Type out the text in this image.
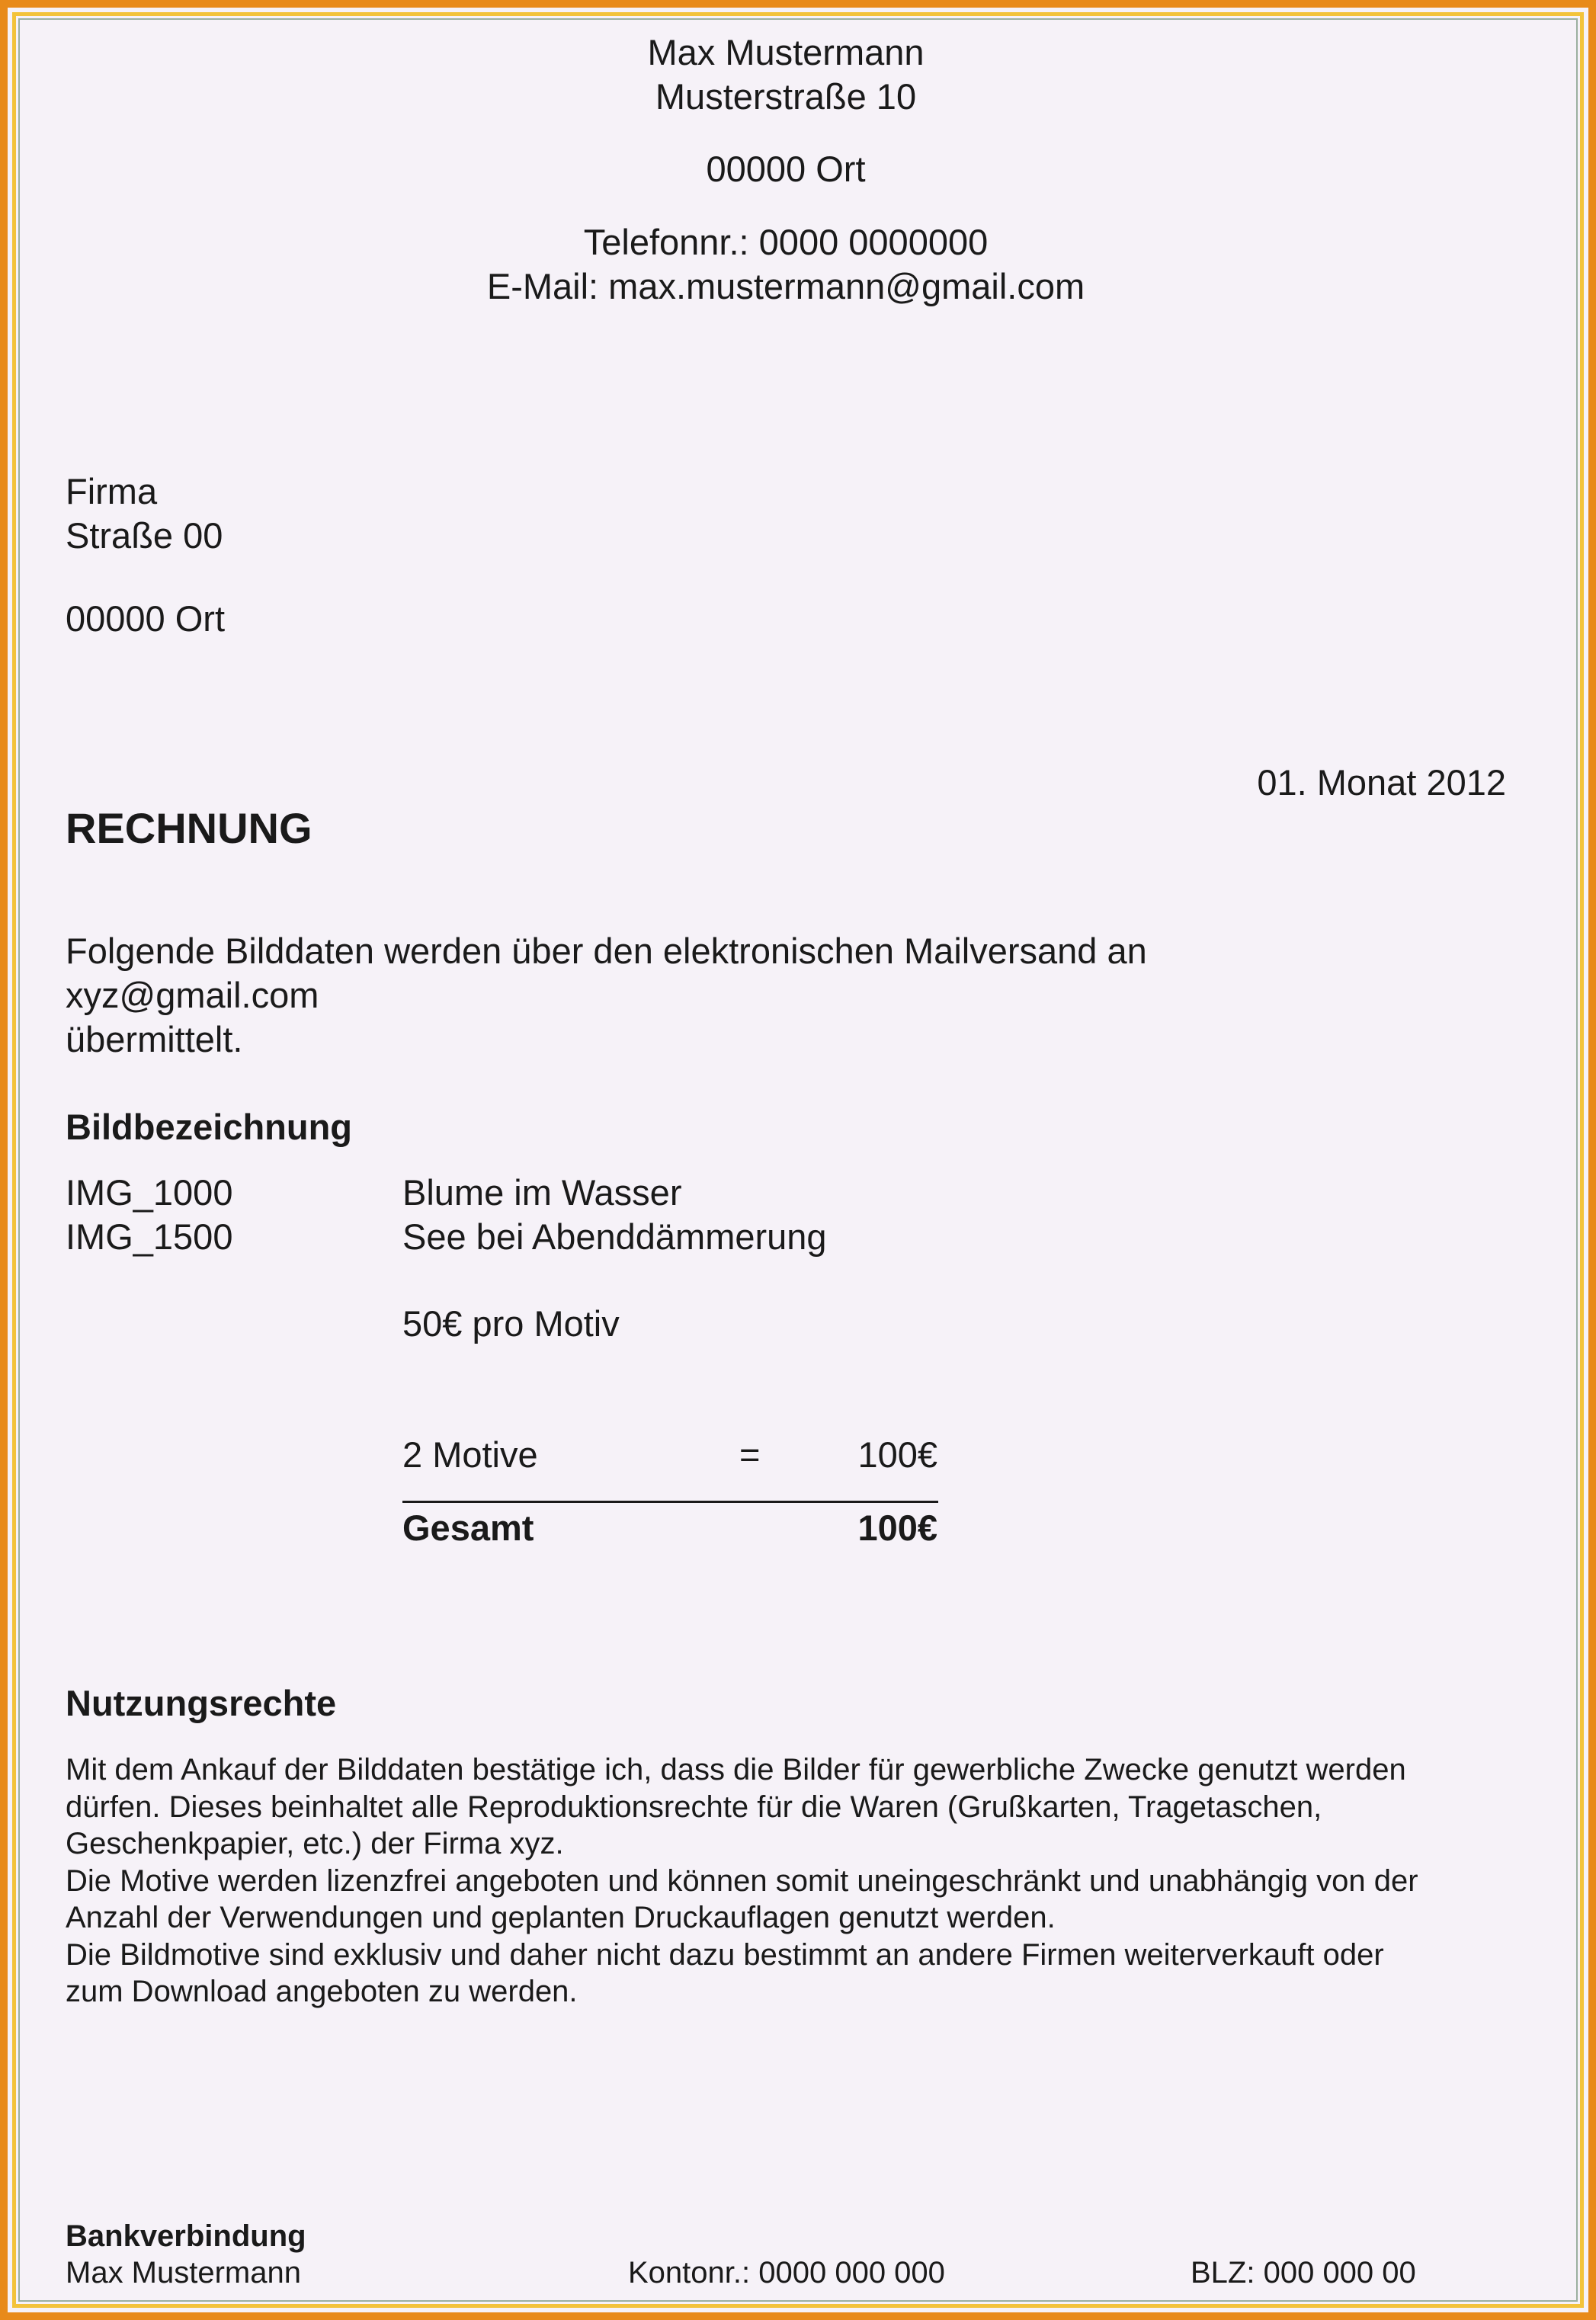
Max Mustermann
Musterstraße 10
00000 Ort
Telefonnr.: 0000 0000000
E-Mail: max.mustermann@gmail.com
Firma
Straße 00
00000 Ort
01. Monat 2012
RECHNUNG
Folgende Bilddaten werden über den elektronischen Mailversand an
xyz@gmail.com
übermittelt.
Bildbezeichnung
IMG_1000	Blume im Wasser
IMG_1500	See bei Abenddämmerung
50€ pro Motiv
2 Motive	=	100€
Gesamt	100€
Nutzungsrechte
Mit dem Ankauf der Bilddaten bestätige ich, dass die Bilder für gewerbliche Zwecke genutzt werden
dürfen. Dieses beinhaltet alle Reproduktionsrechte für die Waren (Grußkarten, Tragetaschen,
Geschenkpapier, etc.) der Firma xyz.
Die Motive werden lizenzfrei angeboten und können somit uneingeschränkt und unabhängig von der
Anzahl der Verwendungen und geplanten Druckauflagen genutzt werden.
Die Bildmotive sind exklusiv und daher nicht dazu bestimmt an andere Firmen weiterverkauft oder
zum Download angeboten zu werden.
Bankverbindung
Max Mustermann	Kontonr.: 0000 000 000	BLZ: 000 000 00
